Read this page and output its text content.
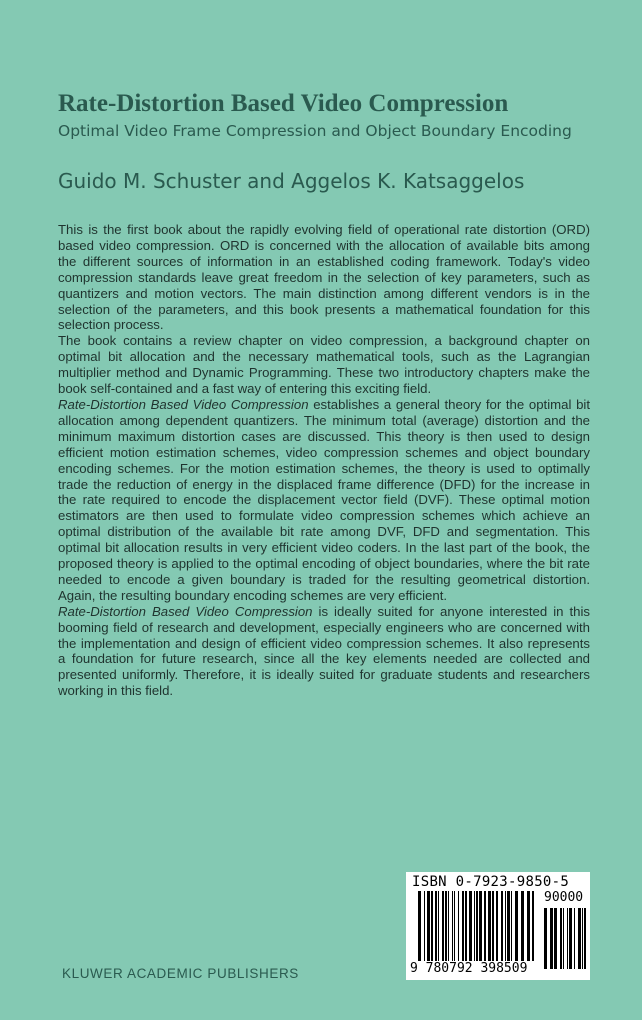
Rate-Distortion Based Video Compression
Optimal Video Frame Compression and Object Boundary Encoding
Guido M. Schuster and Aggelos K. Katsaggelos

This is the first book about the rapidly evolving field of operational rate distortion (ORD) based video compression. ORD is concerned with the allocation of available bits among the different sources of information in an established coding framework. Today's video compression standards leave great freedom in the selection of key parameters, such as quantizers and motion vectors. The main distinction among different vendors is in the selection of the parameters, and this book presents a mathematical foundation for this selection process.

The book contains a review chapter on video compression, a background chapter on optimal bit allocation and the necessary mathematical tools, such as the Lagrangian multiplier method and Dynamic Programming. These two introductory chapters make the book self-contained and a fast way of entering this exciting field.

Rate-Distortion Based Video Compression establishes a general theory for the optimal bit allocation among dependent quantizers. The minimum total (average) distortion and the minimum maximum distortion cases are discussed. This theory is then used to design efficient motion estimation schemes, video compression schemes and object boundary encoding schemes. For the motion estimation schemes, the theory is used to optimally trade the reduction of energy in the displaced frame difference (DFD) for the increase in the rate required to encode the displacement vector field (DVF). These optimal motion estimators are then used to formulate video compression schemes which achieve an optimal distribution of the available bit rate among DVF, DFD and segmentation. This optimal bit allocation results in very efficient video coders. In the last part of the book, the proposed theory is applied to the optimal encoding of object boundaries, where the bit rate needed to encode a given boundary is traded for the resulting geometrical distortion. Again, the resulting boundary encoding schemes are very efficient.

Rate-Distortion Based Video Compression is ideally suited for anyone interested in this booming field of research and development, especially engineers who are concerned with the implementation and design of efficient video compression schemes. It also represents a foundation for future research, since all the key elements needed are collected and presented uniformly. Therefore, it is ideally suited for graduate students and researchers working in this field.

ISBN 0-7923-9850-5
90000
9 780792 398509
KLUWER ACADEMIC PUBLISHERS
